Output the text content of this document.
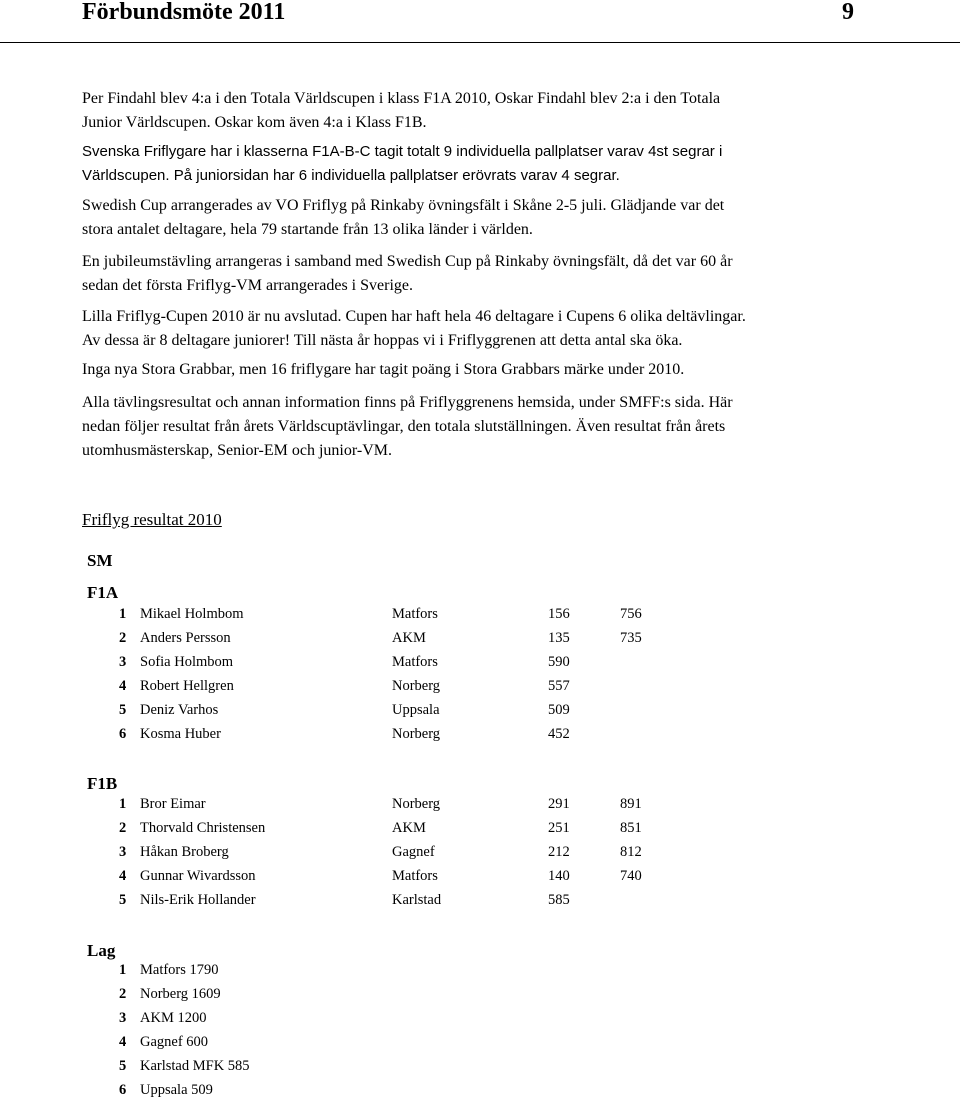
Förbundsmöte 2011	9
Per Findahl blev 4:a i den Totala Världscupen i klass F1A 2010, Oskar Findahl blev 2:a i den Totala
Junior Världscupen. Oskar kom även 4:a i Klass F1B.
Svenska Friflygare har i klasserna F1A-B-C tagit totalt 9 individuella pallplatser varav 4st segrar i
Världscupen. På juniorsidan har 6 individuella pallplatser erövrats varav 4 segrar.
Swedish Cup arrangerades av VO Friflyg på Rinkaby övningsfält i Skåne 2-5 juli. Glädjande var det
stora antalet deltagare, hela 79 startande från 13 olika länder i världen.
En jubileumstävling arrangeras i samband med Swedish Cup på Rinkaby övningsfält, då det var 60 år
sedan det första Friflyg-VM arrangerades i Sverige.
Lilla Friflyg-Cupen 2010 är nu avslutad. Cupen har haft hela 46 deltagare i Cupens 6 olika deltävlingar.
Av dessa är 8 deltagare juniorer! Till nästa år hoppas vi i Friflyggrenen att detta antal ska öka.
Inga nya Stora Grabbar, men 16 friflygare har tagit poäng i Stora Grabbars märke under 2010.
Alla tävlingsresultat och annan information finns på Friflyggrenens hemsida, under SMFF:s sida. Här
nedan följer resultat från årets Världscuptävlingar, den totala slutställningen. Även resultat från årets
utomhusmästerskap, Senior-EM och junior-VM.
Friflyg resultat 2010
SM
F1A
1 Mikael Holmbom	Matfors	156	756
2 Anders Persson	AKM	135	735
3 Sofia Holmbom	Matfors	590
4 Robert Hellgren	Norberg	557
5 Deniz Varhos	Uppsala	509
6 Kosma Huber	Norberg	452
F1B
1 Bror Eimar	Norberg	291	891
2 Thorvald Christensen	AKM	251	851
3 Håkan Broberg	Gagnef	212	812
4 Gunnar Wivardsson	Matfors	140	740
5 Nils-Erik Hollander	Karlstad	585
Lag
1 Matfors 1790
2 Norberg 1609
3 AKM 1200
4 Gagnef 600
5 Karlstad MFK 585
6 Uppsala 509
